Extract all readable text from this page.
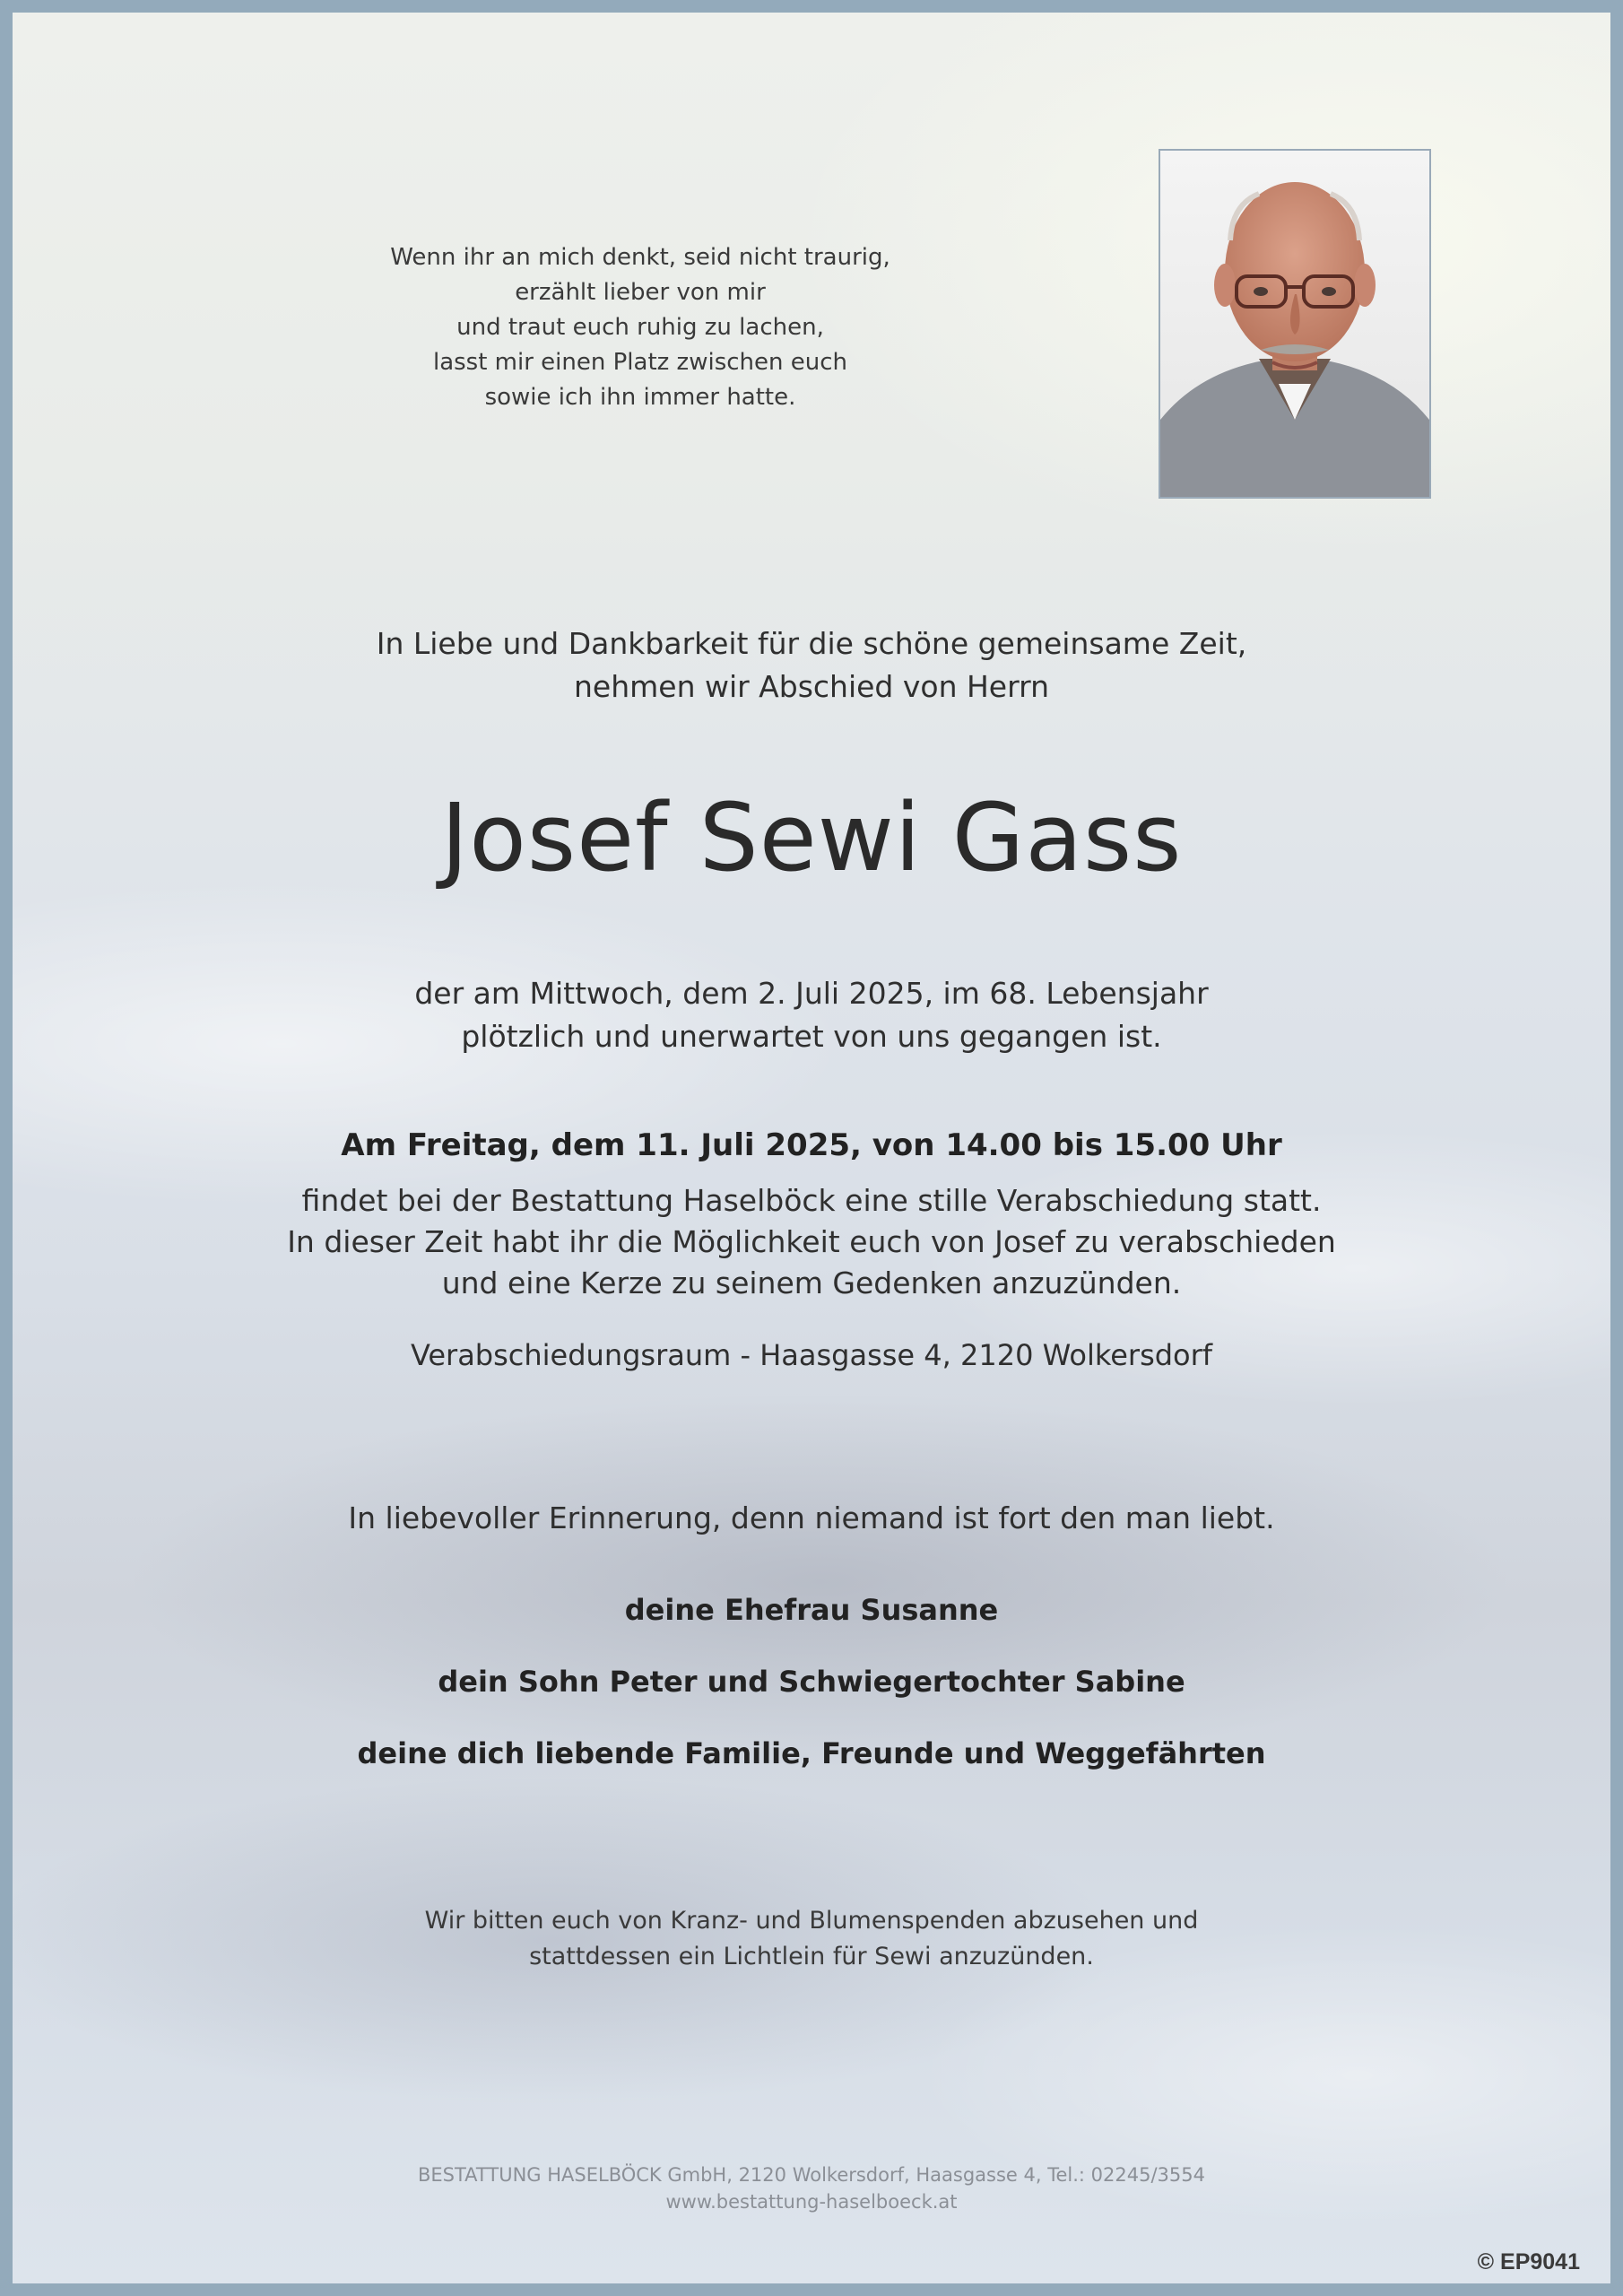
Wenn ihr an mich denkt, seid nicht traurig,
erzählt lieber von mir
und traut euch ruhig zu lachen,
lasst mir einen Platz zwischen euch
sowie ich ihn immer hatte.
In Liebe und Dankbarkeit für die schöne gemeinsame Zeit,
nehmen wir Abschied von Herrn
Josef Sewi Gass
der am Mittwoch, dem 2. Juli 2025, im 68. Lebensjahr
plötzlich und unerwartet von uns gegangen ist.
Am Freitag, dem 11. Juli 2025, von 14.00 bis 15.00 Uhr
findet bei der Bestattung Haselböck eine stille Verabschiedung statt.
In dieser Zeit habt ihr die Möglichkeit euch von Josef zu verabschieden
und eine Kerze zu seinem Gedenken anzuzünden.
Verabschiedungsraum - Haasgasse 4, 2120 Wolkersdorf
In liebevoller Erinnerung, denn niemand ist fort den man liebt.
deine Ehefrau Susanne
dein Sohn Peter und Schwiegertochter Sabine
deine dich liebende Familie, Freunde und Weggefährten
Wir bitten euch von Kranz- und Blumenspenden abzusehen und
stattdessen ein Lichtlein für Sewi anzuzünden.
BESTATTUNG HASELBÖCK GmbH, 2120 Wolkersdorf, Haasgasse 4, Tel.: 02245/3554
www.bestattung-haselboeck.at
© EP9041
